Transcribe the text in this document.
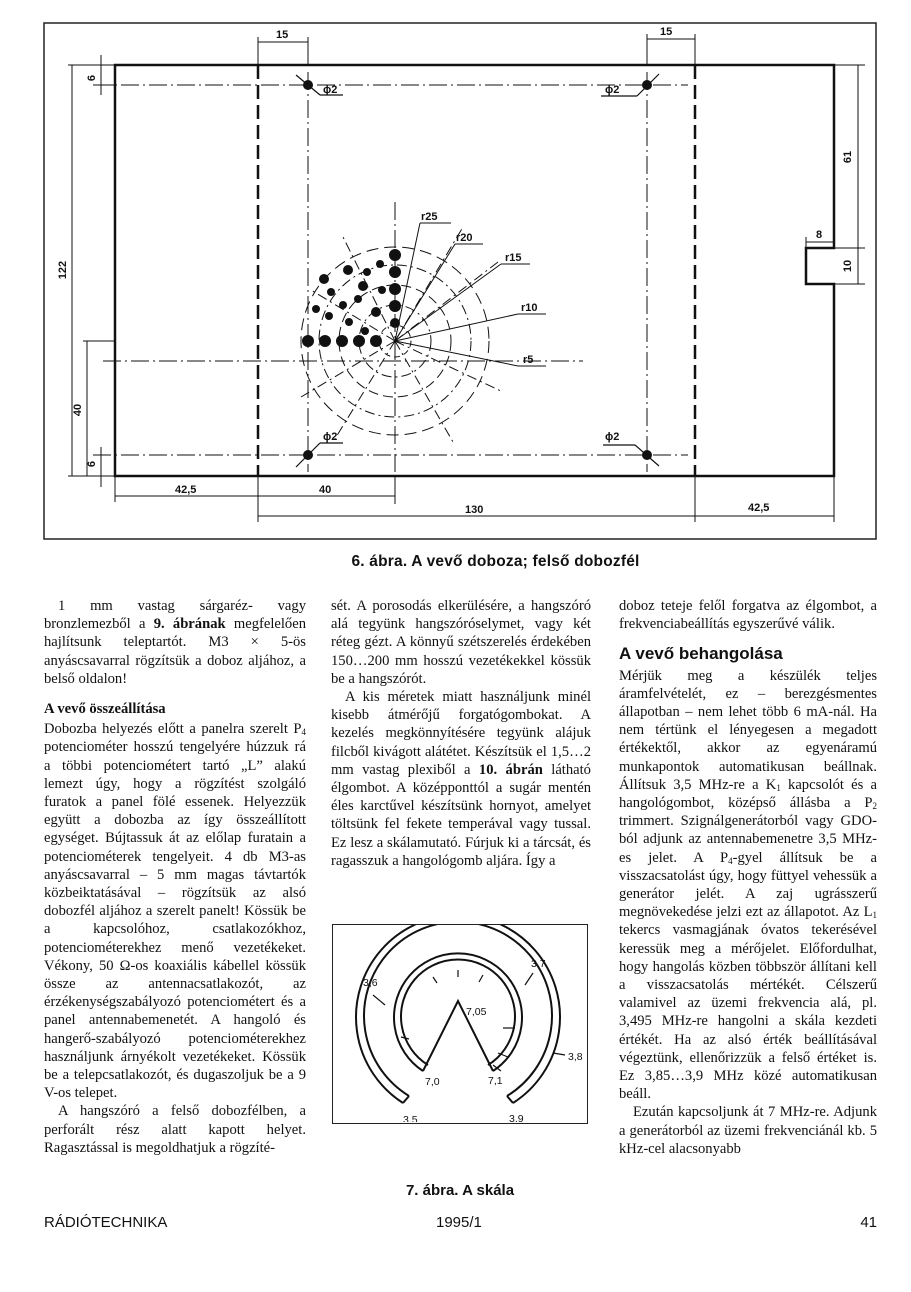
ϕ2	ϕ2
ϕ2	ϕ2
r25
r20
r15
r10
r5
15	15
6
122
40
6
61
8
10
42,5	40
130	42,5
6. ábra. A vevő doboza; felső dobozfél

1 mm vastag sárgaréz- vagy bronzlemezből a 9. ábrának megfelelően hajlítsunk teleptartót. M3 × 5-ös anyáscsavarral rögzítsük a doboz aljához, a belső oldalon!

A vevő összeállítása

Dobozba helyezés előtt a panelra szerelt $P_4$ potenciométer hosszú tengelyére húzzuk rá a többi potenciométert tartó „L” alakú lemezt úgy, hogy a rögzítést szolgáló furatok a panel fölé essenek. Helyezzük együtt a dobozba az így összeállított egységet. Bújtassuk át az előlap furatain a potenciométerek tengelyeit. 4 db M3-as anyáscsavarral – 5 mm magas távtartók közbeiktatásával – rögzítsük az alsó dobozfél aljához a szerelt panelt! Kössük be a kapcsolóhoz, csatlakozókhoz, potenciométerekhez menő vezetékeket. Vékony, 50 Ω-os koaxiális kábellel kössük össze az antennacsatlakozót, az érzékenységszabályozó potenciométert és a panel antennabemenetét. A hangoló és hangerő-szabályozó potenciométerekhez használjunk árnyékolt vezetékeket. Kössük be a telepcsatlakozót, és dugaszoljuk be a 9 V-os telepet.

A hangszóró a felső dobozfélben, a perforált rész alatt kapott helyet. Ragasztással is megoldhatjuk a rögzíté-

sét. A porosodás elkerülésére, a hangszóró alá tegyünk hangszóróselymet, vagy két réteg gézt. A könnyű szétszerelés érdekében 150…200 mm hosszú vezetékekkel kössük be a hangszórót.

A kis méretek miatt használjunk minél kisebb átmérőjű forgatógombokat. A kezelés megkönnyítésére tegyünk alájuk filcből kivágott alátétet. Készítsük el 1,5…2 mm vastag plexiből a 10. ábrán látható élgombot. A középponttól a sugár mentén éles karctűvel készítsünk hornyot, amelyet töltsünk fel fekete temperával vagy tussal. Ez lesz a skálamutató. Fúrjuk ki a tárcsát, és ragasszuk a hangológomb aljára. Így a

3,6
3,7
3,8
3,5	3,9
7,05
7,0	7,1
7. ábra. A skála

doboz teteje felől forgatva az élgombot, a frekvenciabeállítás egyszerűvé válik.

A vevő behangolása

Mérjük meg a készülék teljes áramfelvételét, ez – berezgésmentes állapotban – nem lehet több 6 mA-nál. Ha nem tértünk el lényegesen a megadott értékektől, akkor az egyenáramú munkapontok automatikusan beállnak. Állítsuk 3,5 MHz-re a $K_1$ kapcsolót és a hangológombot, középső állásba a $P_2$ trimmert. Szignálgenerátorból vagy GDO-ból adjunk az antennabemenetre 3,5 MHz-es jelet. A $P_4$-gyel állítsuk be a visszacsatolást úgy, hogy füttyel vehessük a generátor jelét. A zaj ugrásszerű megnövekedése jelzi ezt az állapotot. Az $L_1$ tekercs vasmagjának óvatos tekerésével keressük meg a mérőjelet. Előfordulhat, hogy hangolás közben többször állítani kell a visszacsatolás mértékét. Célszerű valamivel az üzemi frekvencia alá, pl. 3,495 MHz-re hangolni a skála kezdeti értékét. Ha az alsó érték beállításával végeztünk, ellenőrizzük a felső értéket is. Ez 3,85…3,9 MHz közé automatikusan beáll.

Ezután kapcsoljunk át 7 MHz-re. Adjunk a generátorból az üzemi frekvenciánál kb. 5 kHz-cel alacsonyabb

RÁDIÓTECHNIKA	1995/1	41
